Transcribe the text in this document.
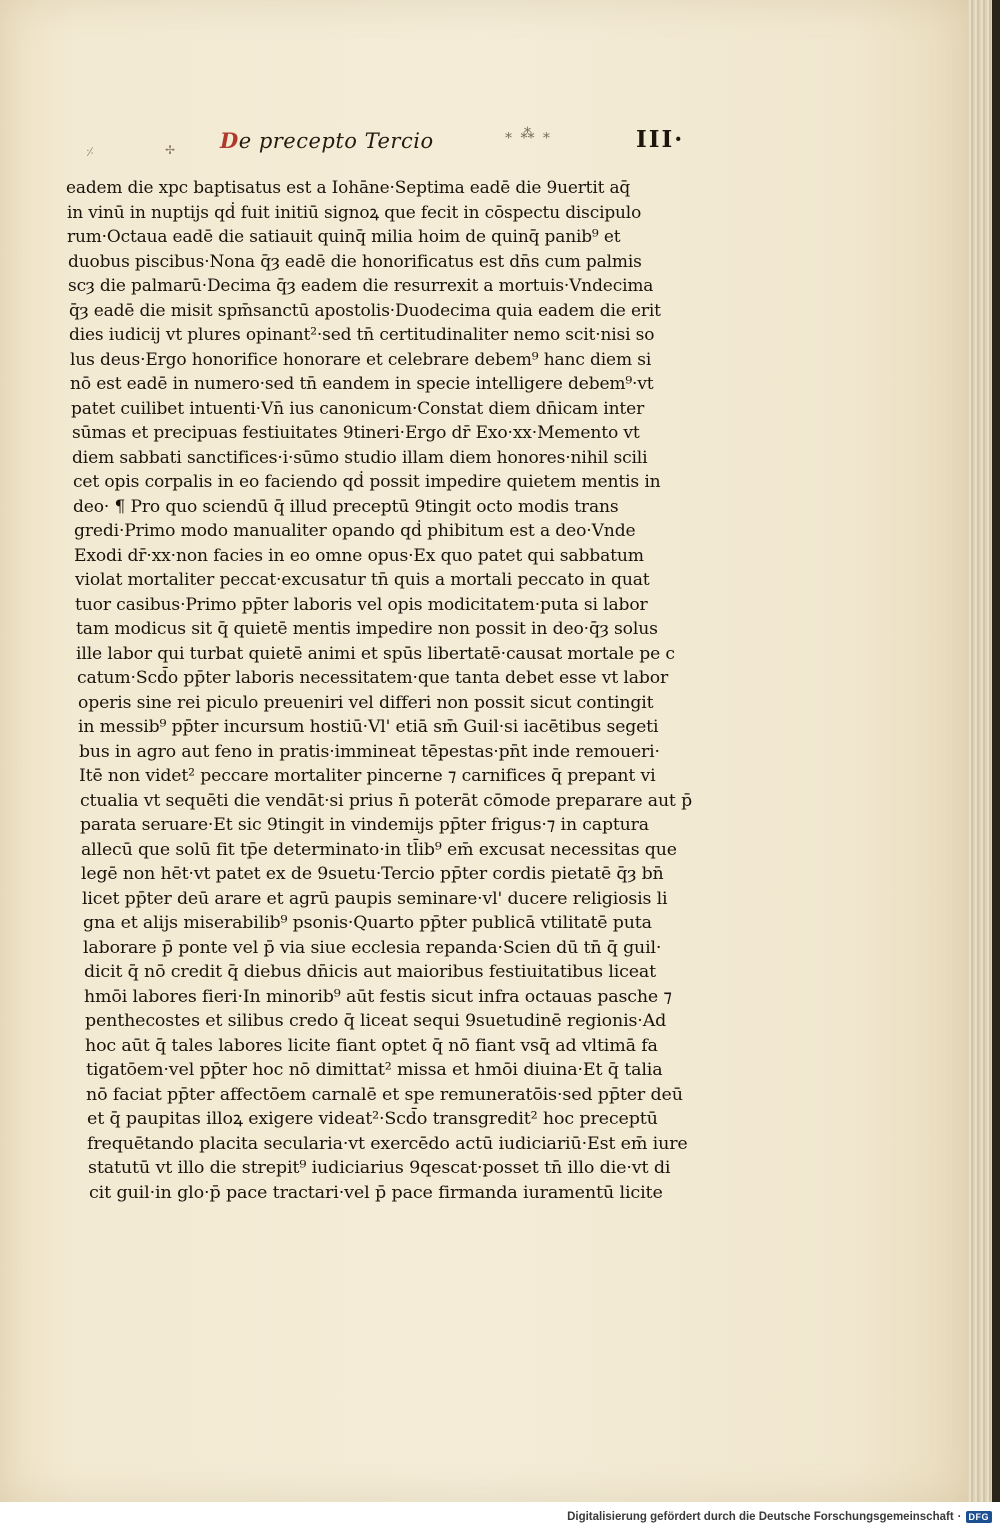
De precepto Tercio	⁎ ⁂ ⁎	III·
⸓	✢
eadem die xpc baptisatus est a Iohāne·Septima eadē die 9uertit aq̄
in vinū in nuptijs qḋ fuit initiū signoꝝ que fecit in cōspectu discipulo
rum·Octaua eadē die satiauit quinq̄ milia hoim de quinq̄ panib⁹ et
duobus piscibus·Nona q̄ȝ eadē die honorificatus est dn̄s cum palmis
scȝ die palmarū·Decima q̄ȝ eadem die resurrexit a mortuis·Vndecima
q̄ȝ eadē die misit spm̄sanctū apostolis·Duodecima quia eadem die erit
dies iudicij vt plures opinant²·sed tn̄ certitudinaliter nemo scit·nisi so
lus deus·Ergo honorifice honorare et celebrare debem⁹ hanc diem si
nō est eadē in numero·sed tn̄ eandem in specie intelligere debem⁹·vt
patet cuilibet intuenti·Vn̄ ius canonicum·Constat diem dn̄icam inter
sūmas et precipuas festiuitates 9tineri·Ergo dr̄ Exo·xx·Memento vt
diem sabbati sanctifices·i·sūmo studio illam diem honores·nihil scili
cet opis corpalis in eo faciendo qḋ possit impedire quietem mentis in
deo· ¶ Pro quo sciendū q̄ illud preceptū 9tingit octo modis trans
gredi·Primo modo manualiter opando qḋ phibitum est a deo·Vnde
Exodi dr̄·xx·non facies in eo omne opus·Ex quo patet qui sabbatum
violat mortaliter peccat·excusatur tn̄ quis a mortali peccato in quat
tuor casibus·Primo pp̄ter laboris vel opis modicitatem·puta si labor
tam modicus sit q̄ quietē mentis impedire non possit in deo·q̄ȝ solus
ille labor qui turbat quietē animi et spūs libertatē·causat mortale pe c
catum·Scd̄o pp̄ter laboris necessitatem·que tanta debet esse vt labor
operis sine rei piculo preueniri vel differi non possit sicut contingit
in messib⁹ pp̄ter incursum hostiū·Vl' etiā sm̄ Guil·si iacētibus segeti
bus in agro aut feno in pratis·immineat tēpestas·pn̄t inde remoueri·
Itē non videt² peccare mortaliter pincerne ⁊ carnifices q̄ prepant vi
ctualia vt sequēti die vendāt·si prius n̄ poterāt cōmode preparare aut p̄
parata seruare·Et sic 9tingit in vindemijs pp̄ter frigus·⁊ in captura
allecū que solū fit tp̄e determinato·in tl̄ib⁹ em̄ excusat necessitas que
legē non hēt·vt patet ex de 9suetu·Tercio pp̄ter cordis pietatē q̄ȝ bn̄
licet pp̄ter deū arare et agrū paupis seminare·vl' ducere religiosis li
gna et alijs miserabilib⁹ psonis·Quarto pp̄ter publicā vtilitatē puta
laborare p̄ ponte vel p̄ via siue ecclesia repanda·Scien dū tn̄ q̄ guil·
dicit q̄ nō credit q̄ diebus dn̄icis aut maioribus festiuitatibus liceat
hmōi labores fieri·In minorib⁹ aūt festis sicut infra octauas pasche ⁊
penthecostes et silibus credo q̄ liceat sequi 9suetudinē regionis·Ad
hoc aūt q̄ tales labores licite fiant optet q̄ nō fiant vsq̄ ad vltimā fa
tigatōem·vel pp̄ter hoc nō dimittat² missa et hmōi diuina·Et q̄ talia
nō faciat pp̄ter affectōem carnalē et spe remuneratōis·sed pp̄ter deū
et q̄ paupitas illoꝝ exigere videat²·Scd̄o transgredit² hoc preceptū
frequētando placita secularia·vt exercēdo actū iudiciariū·Est em̄ iure
statutū vt illo die strepit⁹ iudiciarius 9qescat·posset tn̄ illo die·vt di
cit guil·in glo·p̄ pace tractari·vel p̄ pace firmanda iuramentū licite
Digitalisierung gefördert durch die Deutsche Forschungsgemeinschaft · DFG
